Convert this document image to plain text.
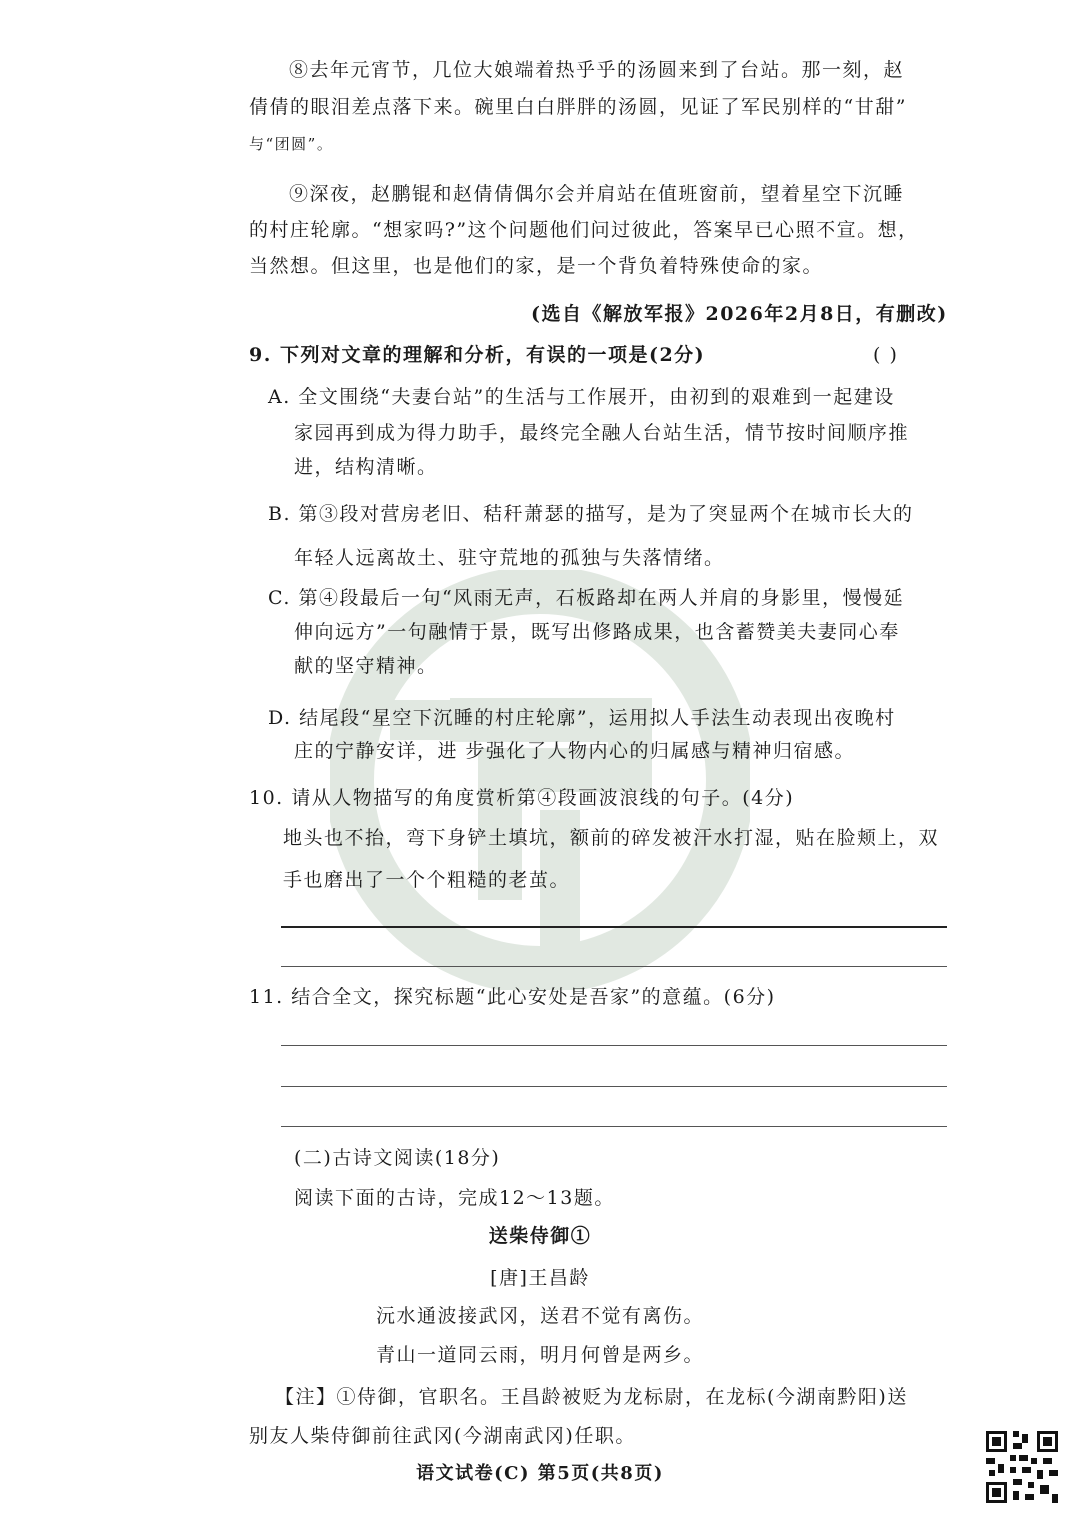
⑧去年元宵节，几位大娘端着热乎乎的汤圆来到了台站。那一刻，赵
倩倩的眼泪差点落下来。碗里白白胖胖的汤圆，见证了军民别样的“甘甜”
与“团圆”。
⑨深夜，赵鹏锟和赵倩倩偶尔会并肩站在值班窗前，望着星空下沉睡
的村庄轮廓。“想家吗?”这个问题他们问过彼此，答案早已心照不宣。想，
当然想。但这里，也是他们的家，是一个背负着特殊使命的家。
(选自《解放军报》2026年2月8日，有删改)
9. 下列对文章的理解和分析，有误的一项是(2分)	( )
A. 全文围绕“夫妻台站”的生活与工作展开，由初到的艰难到一起建设
家园再到成为得力助手，最终完全融人台站生活，情节按时间顺序推
进，结构清晰。
B. 第③段对营房老旧、秸秆萧瑟的描写，是为了突显两个在城市长大的
年轻人远离故土、驻守荒地的孤独与失落情绪。
C. 第④段最后一句“风雨无声，石板路却在两人并肩的身影里，慢慢延
伸向远方”一句融情于景，既写出修路成果，也含蓄赞美夫妻同心奉
献的坚守精神。
D. 结尾段“星空下沉睡的村庄轮廓”，运用拟人手法生动表现出夜晚村
庄的宁静安详，进 步强化了人物内心的归属感与精神归宿感。
10. 请从人物描写的角度赏析第④段画波浪线的句子。(4分)
地头也不抬，弯下身铲土填坑，额前的碎发被汗水打湿，贴在脸颊上，双
手也磨出了一个个粗糙的老茧。
11. 结合全文，探究标题“此心安处是吾家”的意蕴。(6分)
(二)古诗文阅读(18分)
阅读下面的古诗，完成12～13题。
送柴侍御①
[唐]王昌龄
沅水通波接武冈，送君不觉有离伤。
青山一道同云雨，明月何曾是两乡。
【注】①侍御，官职名。王昌龄被贬为龙标尉，在龙标(今湖南黔阳)送
别友人柴侍御前往武冈(今湖南武冈)任职。
语文试卷(C) 第5页(共8页)
